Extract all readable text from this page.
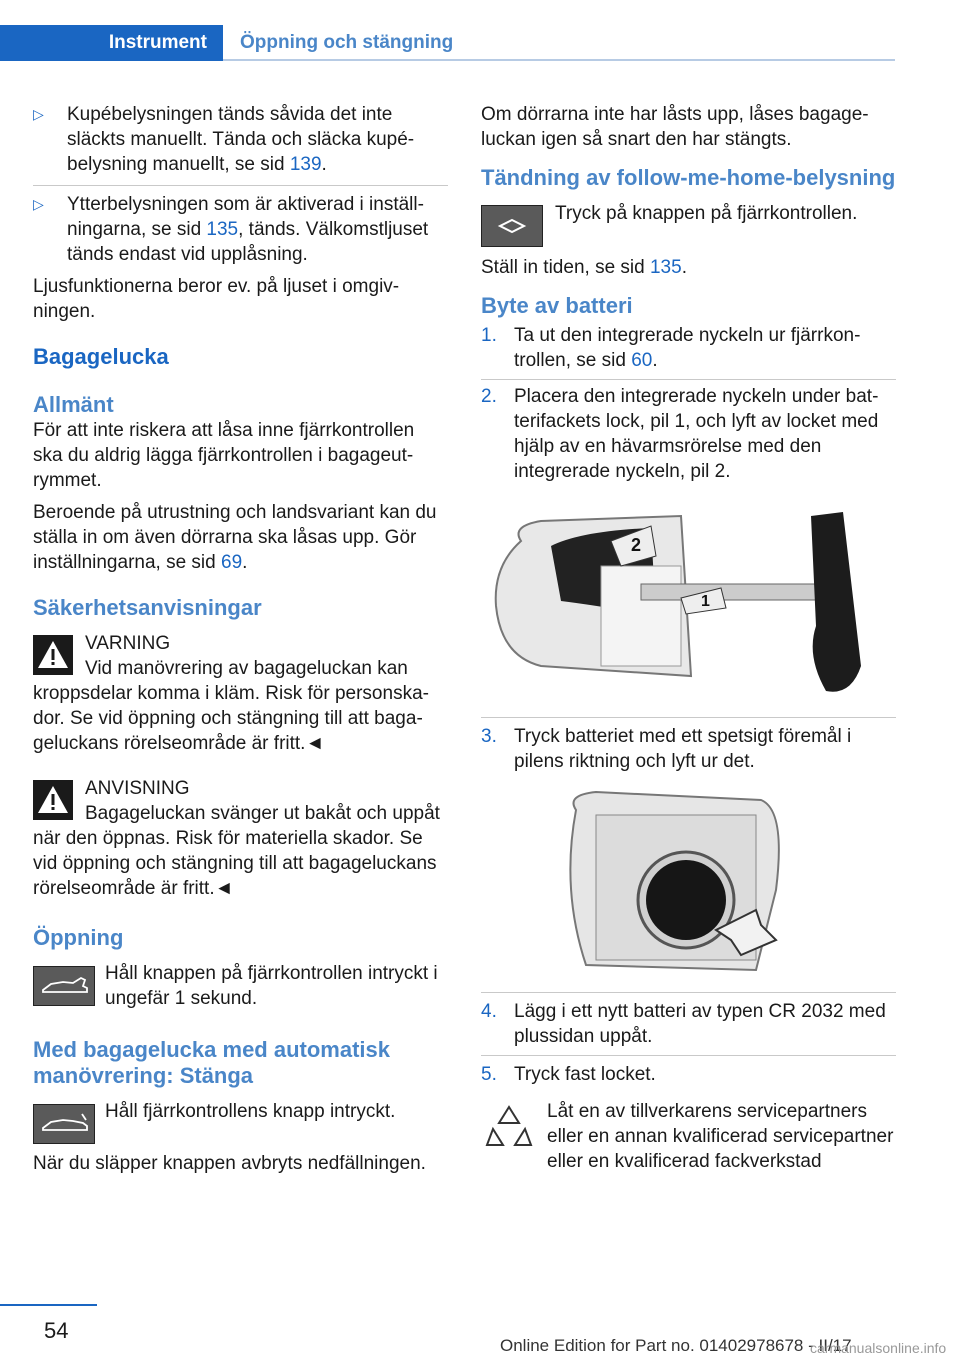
Instrument	Öppning och stängning

▷ Kupébelysningen tänds såvida det inte släckts manuellt. Tända och släcka kupébelysning manuellt, se sid 139.

▷ Ytterbelysningen som är aktiverad i inställningarna, se sid 135, tänds. Välkomstljuset tänds endast vid upplåsning.

Ljusfunktionerna beror ev. på ljuset i omgivningen.

Bagagelucka

Allmänt

För att inte riskera att låsa inne fjärrkontrollen ska du aldrig lägga fjärrkontrollen i bagageutrymmet.

Beroende på utrustning och landsvariant kan du ställa in om även dörrarna ska låsas upp. Gör inställningarna, se sid 69.

Säkerhetsanvisningar

VARNING

Vid manövrering av bagageluckan kan kroppsdelar komma i kläm. Risk för personskador. Se vid öppning och stängning till att bagageluckans rörelseområde är fritt.◄

ANVISNING

Bagageluckan svänger ut bakåt och uppåt när den öppnas. Risk för materiella skador. Se vid öppning och stängning till att bagageluckans rörelseområde är fritt.◄

Öppning

Håll knappen på fjärrkontrollen intryckt i ungefär 1 sekund.

Med bagagelucka med automatisk manövrering: Stänga

Håll fjärrkontrollens knapp intryckt.

När du släpper knappen avbryts nedfällningen.

Om dörrarna inte har låsts upp, låses bagageluckan igen så snart den har stängts.

Tändning av follow-me-home-belysning

Tryck på knappen på fjärrkontrollen.

Ställ in tiden, se sid 135.

Byte av batteri

1. Ta ut den integrerade nyckeln ur fjärrkontrollen, se sid 60.

2. Placera den integrerade nyckeln under batterifackets lock, pil 1, och lyft av locket med hjälp av en hävarmsrörelse med den integrerade nyckeln, pil 2.

2
1

3. Tryck batteriet med ett spetsigt föremål i pilens riktning och lyft ur det.

4. Lägg i ett nytt batteri av typen CR 2032 med plussidan uppåt.

5. Tryck fast locket.

Låt en av tillverkarens servicepartners eller en annan kvalificerad servicepartner eller en kvalificerad fackverkstad

54
Online Edition for Part no. 01402978678 - II/17
carmanualsonline.info
